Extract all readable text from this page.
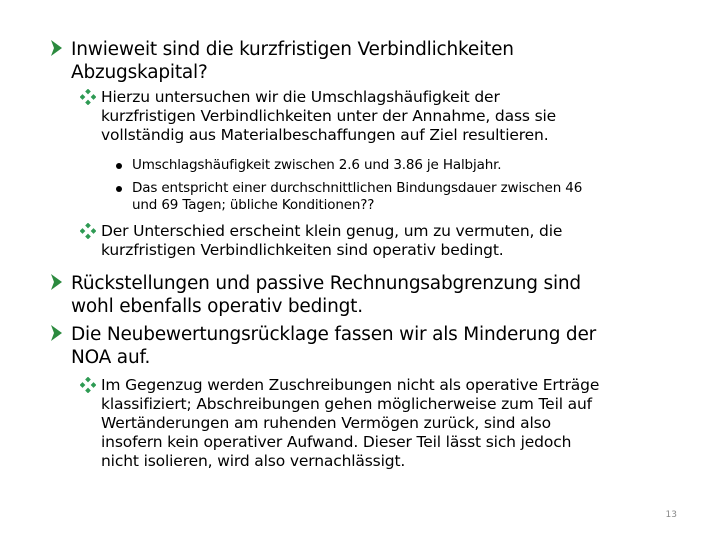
Inwieweit sind die kurzfristigen Verbindlichkeiten
Abzugskapital?
Hierzu untersuchen wir die Umschlagshäufigkeit der
kurzfristigen Verbindlichkeiten unter der Annahme, dass sie
vollständig aus Materialbeschaffungen auf Ziel resultieren.
Umschlagshäufigkeit zwischen 2.6 und 3.86 je Halbjahr.
Das entspricht einer durchschnittlichen Bindungsdauer zwischen 46
und 69 Tagen; übliche Konditionen??
Der Unterschied erscheint klein genug, um zu vermuten, die
kurzfristigen Verbindlichkeiten sind operativ bedingt.
Rückstellungen und passive Rechnungsabgrenzung sind
wohl ebenfalls operativ bedingt.
Die Neubewertungsrücklage fassen wir als Minderung der
NOA auf.
Im Gegenzug werden Zuschreibungen nicht als operative Erträge
klassifiziert; Abschreibungen gehen möglicherweise zum Teil auf
Wertänderungen am ruhenden Vermögen zurück, sind also
insofern kein operativer Aufwand. Dieser Teil lässt sich jedoch
nicht isolieren, wird also vernachlässigt.
13
